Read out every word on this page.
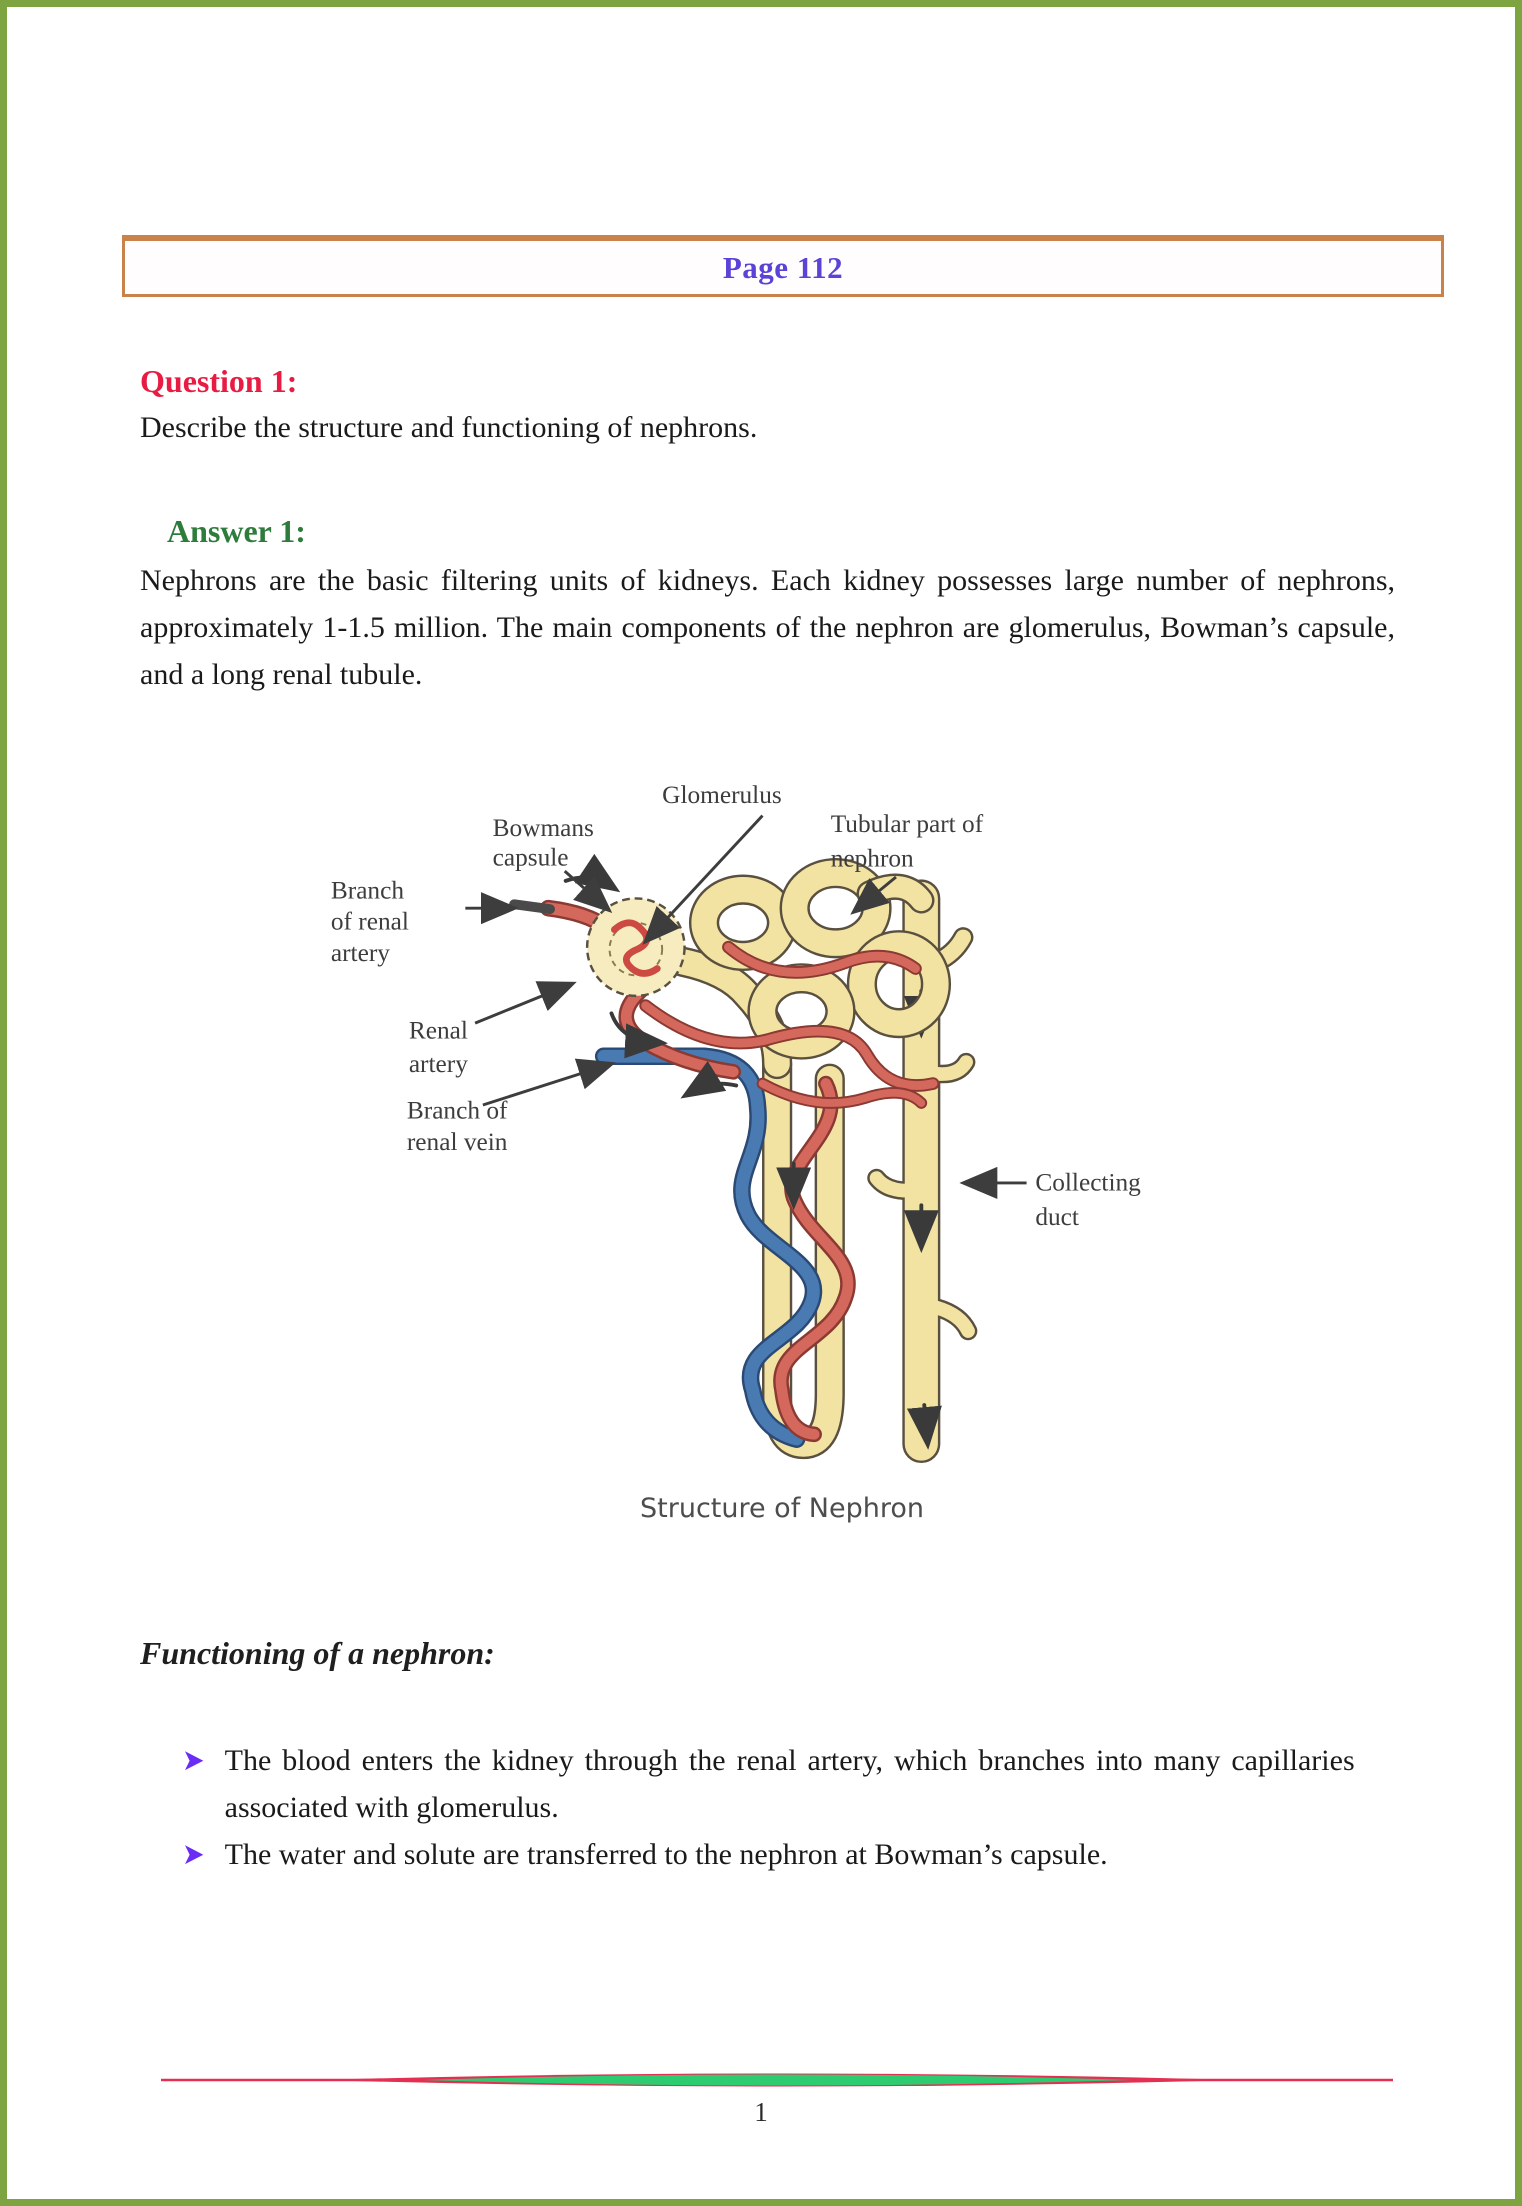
Page 112
Question 1:
Describe the structure and functioning of nephrons.
Answer 1:
Nephrons are the basic filtering units of kidneys. Each kidney possesses large number of nephrons, approximately 1-1.5 million. The main components of the nephron are glomerulus, Bowman’s capsule, and a long renal tubule.
Glomerulus
Bowmans
capsule
Tubular part of
nephron
Branch
of renal
artery
Renal
artery
Branch of
renal vein
Collecting
duct
Structure of Nephron
Functioning of a nephron:
➤ The blood enters the kidney through the renal artery, which branches into many capillaries associated with glomerulus.
➤ The water and solute are transferred to the nephron at Bowman’s capsule.
1
